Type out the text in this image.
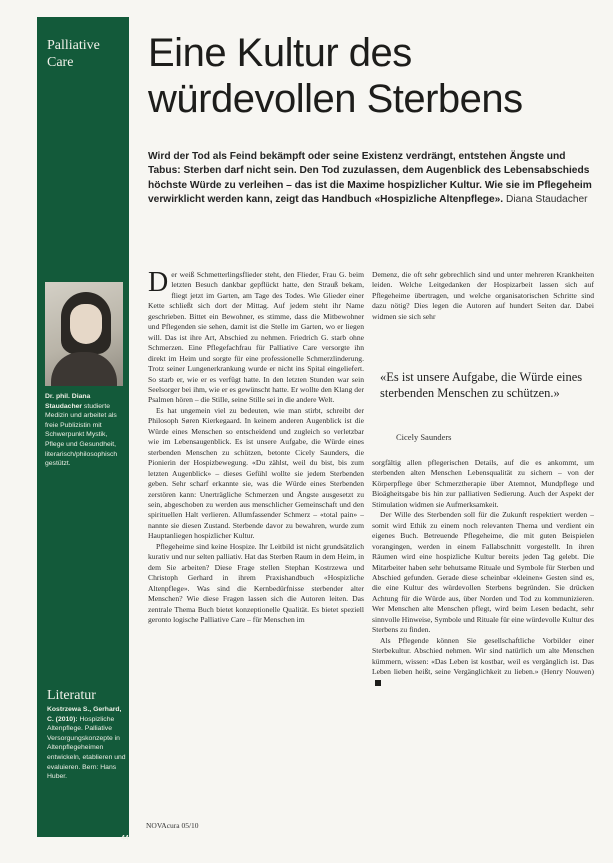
Palliative
Care
Dr. phil. Diana Staudacher studierte Medizin und arbeitet als freie Publizistin mit Schwerpunkt Mystik, Pflege und Gesundheit, literarisch/philosophisch gestützt.
Literatur
Kostrzewa S., Gerhard, C. (2010): Hospizliche Altenpflege. Palliative Versorgungskonzepte in Altenpflegeheimen entwickeln, etablieren und evaluieren. Bern: Hans Huber.
44
Eine Kultur des
würdevollen Sterbens
Wird der Tod als Feind bekämpft oder seine Existenz verdrängt, entstehen Ängste und Tabus: Sterben darf nicht sein. Den Tod zuzulassen, dem Augenblick des Lebensabschieds höchste Würde zu verleihen – das ist die Maxime hospizlicher Kultur. Wie sie im Pflegeheim verwirklicht werden kann, zeigt das Handbuch «Hospizliche Altenpflege». Diana Staudacher

Der weiß Schmetterlingsflieder steht, den Flieder, Frau G. beim letzten Besuch dankbar gepflückt hatte, den Strauß bekam, fliegt jetzt im Garten, am Tage des Todes. Wie Glieder einer Kette schließt sich dort der Mittag. Auf jedem steht ihr Name geschrieben. Bittet ein Bewohner, es stimme, dass die Mitbewohner und Pflegenden sie sehen, damit ist die Stelle im Garten, wo er liegen will. Das ist ihre Art, Abschied zu nehmen. Friedrich G. starb ohne Schmerzen. Eine Pflegefachfrau für Palliative Care versorgte ihn direkt im Heim und sorgte für eine professionelle Schmerzlinderung. Trotz seiner Lungenerkrankung wurde er nicht ins Spital eingeliefert. So starb er, wie er es verfügt hatte. In den letzten Stunden war sein Seelsorger bei ihm, wie er es gewünscht hatte. Er wollte den Klang der Psalmen hören – die Stille, seine Stille sei in die andere Welt.

Es hat ungemein viel zu bedeuten, wie man stirbt, schreibt der Philosoph Søren Kierkegaard. In keinem anderen Augenblick ist die Würde eines Menschen so entscheidend und zugleich so verletzbar wie im Lebensaugenblick. Es ist unsere Aufgabe, die Würde eines sterbenden Menschen zu schützen, betonte Cicely Saunders, die Pionierin der Hospizbewegung. «Du zählst, weil du bist, bis zum letzten Augenblick» – dieses Gefühl wollte sie jedem Sterbenden geben. Sehr scharf erkannte sie, was die Würde eines Sterbenden zerstören kann: Unerträgliche Schmerzen und Ängste ausgesetzt zu sein, abgeschoben zu werden aus menschlicher Gemeinschaft und den spirituellen Halt verlieren. Allumfassender Schmerz – «total pain» – nannte sie diesen Zustand. Sterbende davor zu bewahren, wurde zum Hauptanliegen hospizlicher Kultur.

Pflegeheime sind keine Hospize. Ihr Leitbild ist nicht grundsätzlich kurativ und nur selten palliativ. Hat das Sterben Raum in dem Heim, in dem Sie arbeiten? Diese Frage stellen Stephan Kostrzewa und Christoph Gerhard in ihrem Praxishandbuch «Hospizliche Altenpflege». Was sind die Kernbedürfnisse sterbender alter Menschen? Wie diese Fragen lassen sich die Autoren leiten. Das zentrale Thema Buch bietet konzeptionelle Qualität. Es bietet speziell geronto logische Palliative Care – für Menschen im

Demenz, die oft sehr gebrechlich sind und unter mehreren Krankheiten leiden. Welche Leitgedanken der Hospizarbeit lassen sich auf Pflegeheime übertragen, und welche organisatorischen Schritte sind dazu nötig? Dies legen die Autoren auf hundert Seiten dar. Dabei widmen sie sich sehr

«Es ist unsere Aufgabe, die Würde eines sterbenden Menschen zu schützen.»
Cicely Saunders

sorgfältig allen pflegerischen Details, auf die es ankommt, um sterbenden alten Menschen Lebensqualität zu sichern – von der Körperpflege über Schmerztherapie über Atemnot, Mundpflege und Bioägheitsgabe bis hin zur palliativen Sedierung. Auch der Aspekt der Stimulation widmen sie Aufmerksamkeit.

Der Wille des Sterbenden soll für die Zukunft respektiert werden – somit wird Ethik zu einem noch relevanten Thema und verdient ein eigenes Buch. Betreuende Pflegeheime, die mit guten Beispielen vorangingen, werden in einem Fallabschnitt vorgestellt. In ihren Räumen wird eine hospizliche Kultur bereits jeden Tag gelebt. Die Mitarbeiter haben sehr behutsame Rituale und Symbole für Sterben und Abschied gefunden. Gerade diese scheinbar «kleinen» Gesten sind es, die eine Kultur des würdevollen Sterbens begründen. Sie drücken Achtung für die Würde aus, über Norden und Tod zu kommunizieren. Wer Menschen alte Menschen pflegt, wird beim Lesen bedacht, sehr sinnvolle Hinweise, Symbole und Rituale für eine würdevolle Kultur des Sterbens zu finden.

Als Pflegende können Sie gesellschaftliche Vorbilder einer Sterbekultur. Abschied nehmen. Wir sind natürlich um alte Menschen kümmern, wissen: «Das Leben ist kostbar, weil es vergänglich ist. Das Leben lieben heißt, seine Vergänglichkeit zu lieben.» (Henry Nouwen)

NOVAcura 05/10
